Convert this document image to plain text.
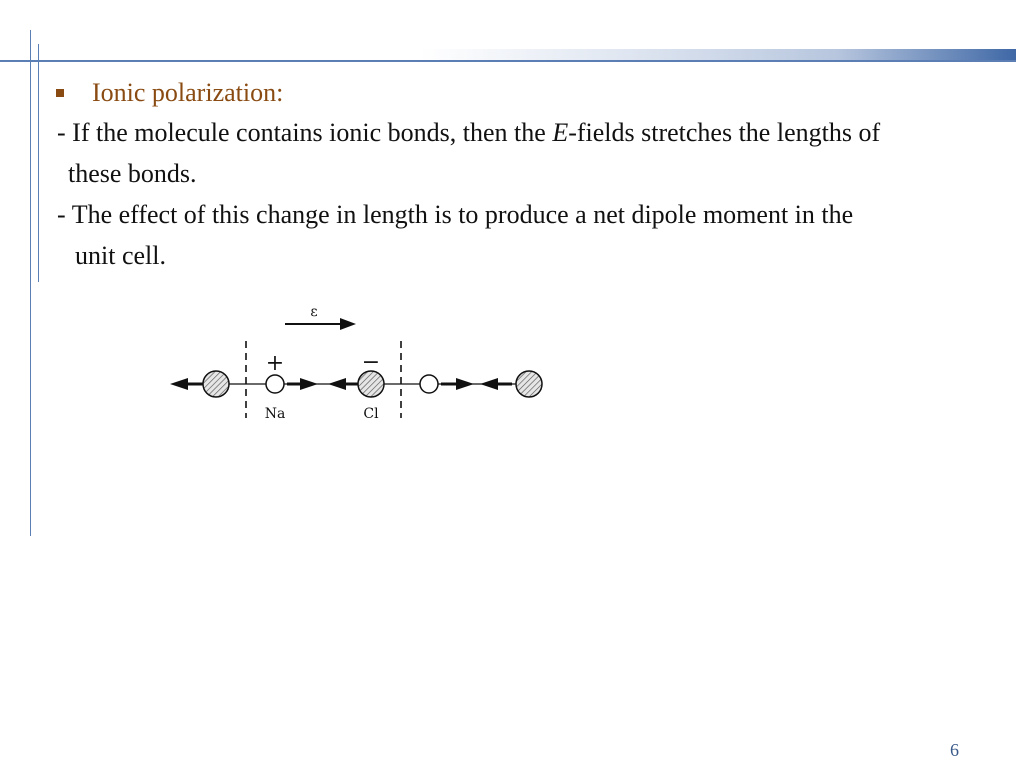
Ionic polarization:
- If the molecule contains ionic bonds, then the E-fields stretches the lengths of
these bonds.
- The effect of this change in length is to produce a net dipole moment in the
unit cell.
ε
+	−
Na	Cl
6
